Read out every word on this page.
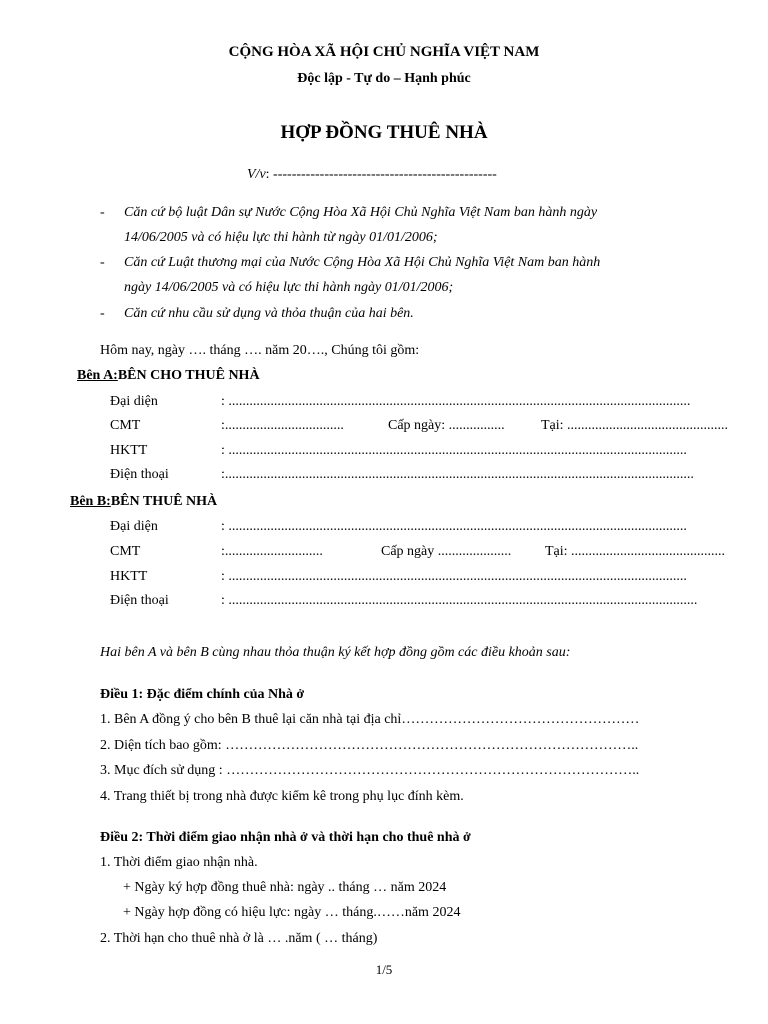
CỘNG HÒA XÃ HỘI CHỦ NGHĨA VIỆT NAM
Độc lập - Tự do – Hạnh phúc
HỢP ĐỒNG THUÊ NHÀ
V/v: ------------------------------------------------
- Căn cứ bộ luật Dân sự Nước Cộng Hòa Xã Hội Chủ Nghĩa Việt Nam ban hành ngày
14/06/2005 và có hiệu lực thi hành từ ngày 01/01/2006;
- Căn cứ Luật thương mại của Nước Cộng Hòa Xã Hội Chủ Nghĩa Việt Nam ban hành
ngày 14/06/2005 và có hiệu lực thi hành ngày 01/01/2006;
- Căn cứ nhu cầu sử dụng và thỏa thuận của hai bên.
Hôm nay, ngày …. tháng …. năm 20…., Chúng tôi gồm:
Bên A:BÊN CHO THUÊ NHÀ
Đại diện	: ....................................................................................................................................
CMT	:..................................	Cấp ngày: ................	Tại: ..............................................
HKTT	: ...................................................................................................................................
Điện thoại	:......................................................................................................................................
Bên B:BÊN THUÊ NHÀ
Đại diện	: ...................................................................................................................................
CMT	:............................	Cấp ngày ..................... Tại: ............................................
HKTT	: ...................................................................................................................................
Điện thoại	: ......................................................................................................................................
Hai bên A và bên B cùng nhau thỏa thuận ký kết hợp đồng gồm các điều khoản sau:
Điều 1: Đặc điểm chính của Nhà ở
1. Bên A đồng ý cho bên B thuê lại căn nhà tại địa chỉ……………………………………………
2. Diện tích bao gồm: ……………………………………………………………………………..
3. Mục đích sử dụng : ……………………………………………………………………………..
4. Trang thiết bị trong nhà được kiểm kê trong phụ lục đính kèm.
Điều 2: Thời điểm giao nhận nhà ở và thời hạn cho thuê nhà ở
1. Thời điểm giao nhận nhà.
+ Ngày ký hợp đồng thuê nhà: ngày .. tháng … năm 2024
+ Ngày hợp đồng có hiệu lực: ngày … tháng.……năm 2024
2. Thời hạn cho thuê nhà ở là … .năm ( … tháng)
1/5
